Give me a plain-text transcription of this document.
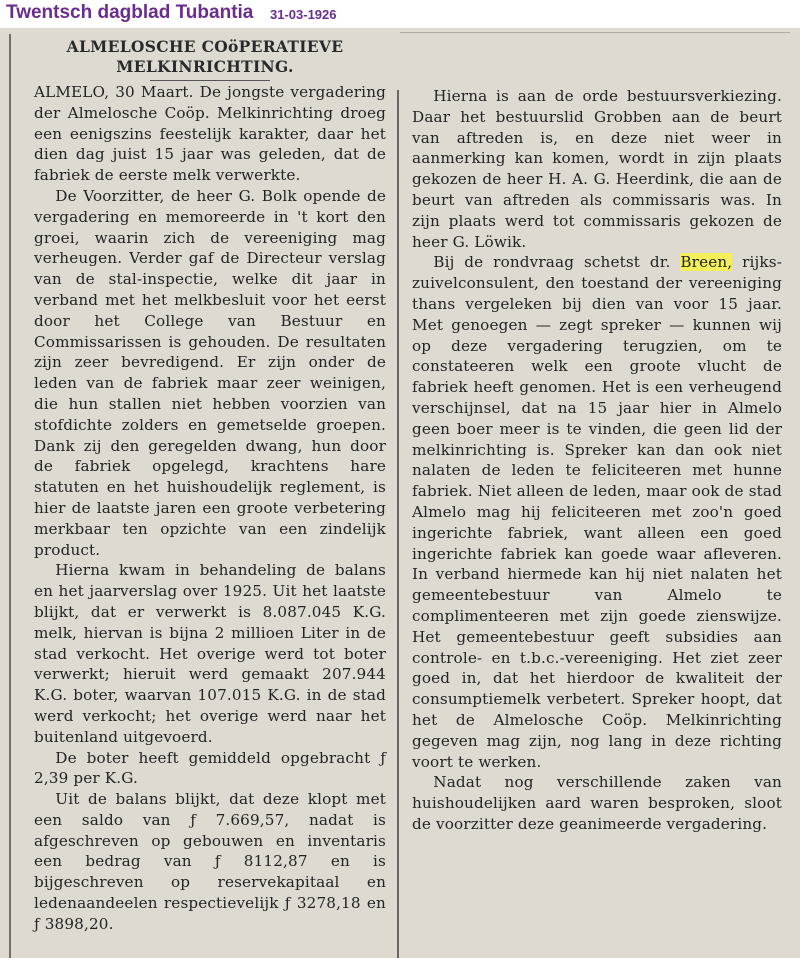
Twentsch dagblad Tubantia 31-03-1926
ALMELOSCHE COöPERATIEVE
MELKINRICHTING.

ALMELO, 30 Maart. De jongste vergadering der Almelosche Coöp. Melkinrichting droeg een eenigszins feestelijk karakter, daar het dien dag juist 15 jaar was geleden, dat de fabriek de eerste melk verwerkte.

De Voorzitter, de heer G. Bolk opende de vergadering en memoreerde in 't kort den groei, waarin zich de vereeniging mag verheugen. Verder gaf de Directeur verslag van de stal-inspectie, welke dit jaar in verband met het melkbesluit voor het eerst door het College van Bestuur en Commissarissen is gehouden. De resultaten zijn zeer bevredigend. Er zijn onder de leden van de fabriek maar zeer weinigen, die hun stallen niet hebben voorzien van stofdichte zolders en gemetselde groepen. Dank zij den geregelden dwang, hun door de fabriek opgelegd, krachtens hare statuten en het huishoudelijk reglement, is hier de laatste jaren een groote verbetering merkbaar ten opzichte van een zindelijk product.

Hierna kwam in behandeling de balans en het jaarverslag over 1925. Uit het laatste blijkt, dat er verwerkt is 8.087.045 K.G. melk, hiervan is bijna 2 millioen Liter in de stad verkocht. Het overige werd tot boter verwerkt; hieruit werd gemaakt 207.944 K.G. boter, waarvan 107.015 K.G. in de stad werd verkocht; het overige werd naar het buitenland uitgevoerd.

De boter heeft gemiddeld opgebracht ƒ 2,39 per K.G.

Uit de balans blijkt, dat deze klopt met een saldo van ƒ 7.669,57, nadat is afgeschreven op gebouwen en inventaris een bedrag van ƒ 8112,87 en is bijgeschreven op reservekapitaal en ledenaandeelen respectievelijk ƒ 3278,18 en ƒ 3898,20.

Hierna is aan de orde bestuursverkiezing. Daar het bestuurslid Grobben aan de beurt van aftreden is, en deze niet weer in aanmerking kan komen, wordt in zijn plaats gekozen de heer H. A. G. Heerdink, die aan de beurt van aftreden als commissaris was. In zijn plaats werd tot commissaris gekozen de heer G. Löwik.

Bij de rondvraag schetst dr. Breen, rijks-zuivelconsulent, den toestand der vereeniging thans vergeleken bij dien van voor 15 jaar. Met genoegen — zegt spreker — kunnen wij op deze vergadering terugzien, om te constateeren welk een groote vlucht de fabriek heeft genomen. Het is een verheugend verschijnsel, dat na 15 jaar hier in Almelo geen boer meer is te vinden, die geen lid der melkinrichting is. Spreker kan dan ook niet nalaten de leden te feliciteeren met hunne fabriek. Niet alleen de leden, maar ook de stad Almelo mag hij feliciteeren met zoo'n goed ingerichte fabriek, want alleen een goed ingerichte fabriek kan goede waar afleveren. In verband hiermede kan hij niet nalaten het gemeentebestuur van Almelo te complimenteeren met zijn goede zienswijze. Het gemeentebestuur geeft subsidies aan controle- en t.b.c.-vereeniging. Het ziet zeer goed in, dat het hierdoor de kwaliteit der consumptiemelk verbetert. Spreker hoopt, dat het de Almelosche Coöp. Melkinrichting gegeven mag zijn, nog lang in deze richting voort te werken.

Nadat nog verschillende zaken van huishoudelijken aard waren besproken, sloot de voorzitter deze geanimeerde vergadering.
